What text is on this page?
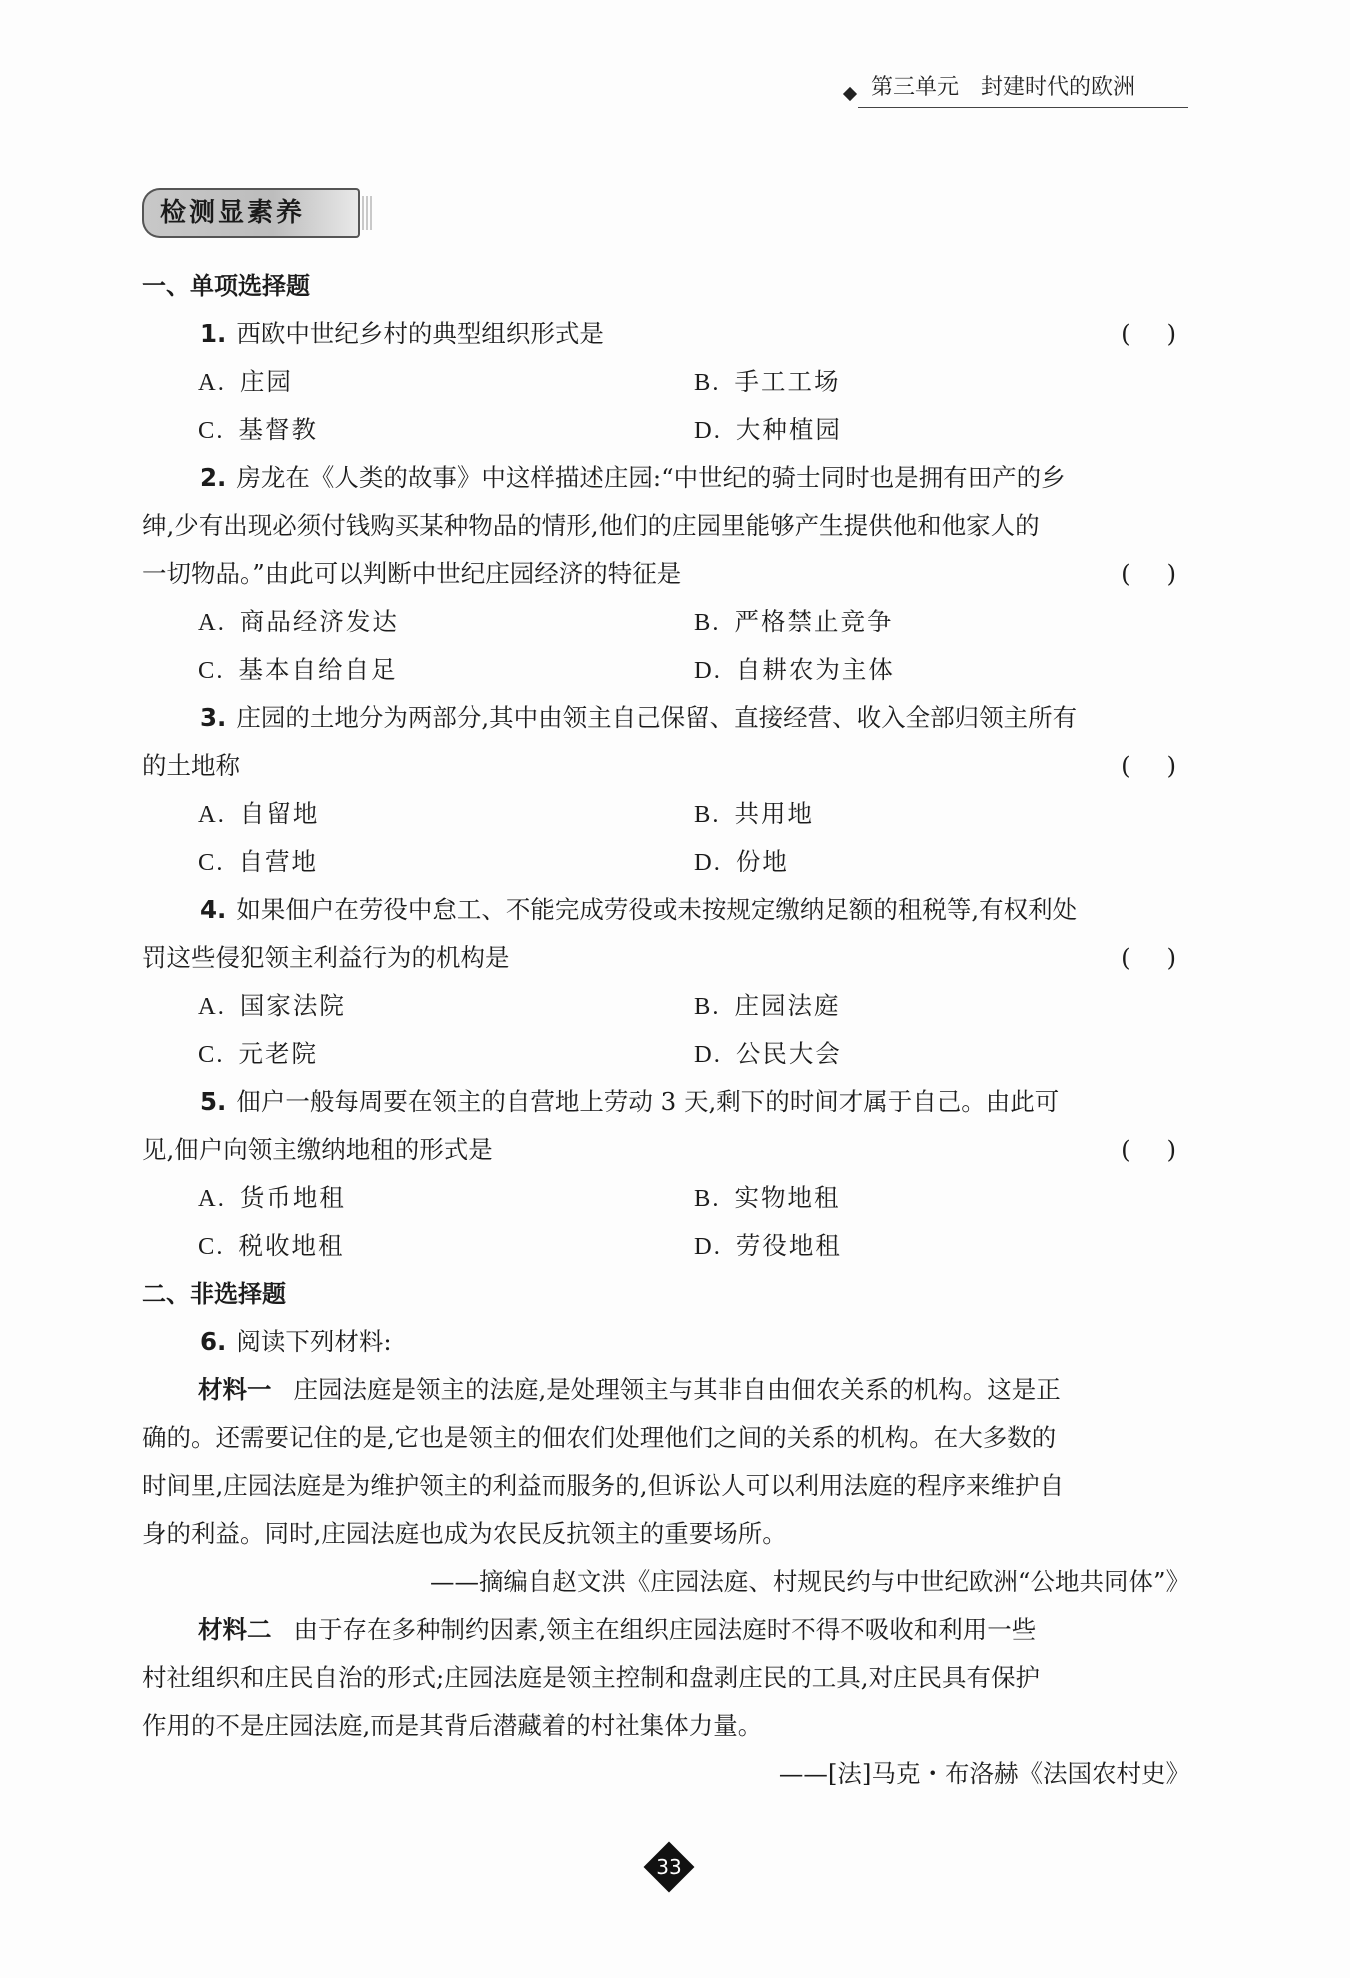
第三单元 封建时代的欧洲
检测显素养
一、单项选择题
1. 西欧中世纪乡村的典型组织形式是	( )
A. 庄园	B. 手工工场
C. 基督教	D. 大种植园
2. 房龙在《人类的故事》中这样描述庄园:“中世纪的骑士同时也是拥有田产的乡
绅,少有出现必须付钱购买某种物品的情形,他们的庄园里能够产生提供他和他家人的
一切物品。”由此可以判断中世纪庄园经济的特征是	( )
A. 商品经济发达	B. 严格禁止竞争
C. 基本自给自足	D. 自耕农为主体
3. 庄园的土地分为两部分,其中由领主自己保留、直接经营、收入全部归领主所有
的土地称	( )
A. 自留地	B. 共用地
C. 自营地	D. 份地
4. 如果佃户在劳役中怠工、不能完成劳役或未按规定缴纳足额的租税等,有权利处
罚这些侵犯领主利益行为的机构是	( )
A. 国家法院	B. 庄园法庭
C. 元老院	D. 公民大会
5. 佃户一般每周要在领主的自营地上劳动 3 天,剩下的时间才属于自己。由此可
见,佃户向领主缴纳地租的形式是	( )
A. 货币地租	B. 实物地租
C. 税收地租	D. 劳役地租
二、非选择题
6. 阅读下列材料:
材料一 庄园法庭是领主的法庭,是处理领主与其非自由佃农关系的机构。这是正
确的。还需要记住的是,它也是领主的佃农们处理他们之间的关系的机构。在大多数的
时间里,庄园法庭是为维护领主的利益而服务的,但诉讼人可以利用法庭的程序来维护自
身的利益。同时,庄园法庭也成为农民反抗领主的重要场所。
——摘编自赵文洪《庄园法庭、村规民约与中世纪欧洲“公地共同体”》
材料二 由于存在多种制约因素,领主在组织庄园法庭时不得不吸收和利用一些
村社组织和庄民自治的形式;庄园法庭是领主控制和盘剥庄民的工具,对庄民具有保护
作用的不是庄园法庭,而是其背后潜藏着的村社集体力量。
——[法]马克・布洛赫《法国农村史》
33
